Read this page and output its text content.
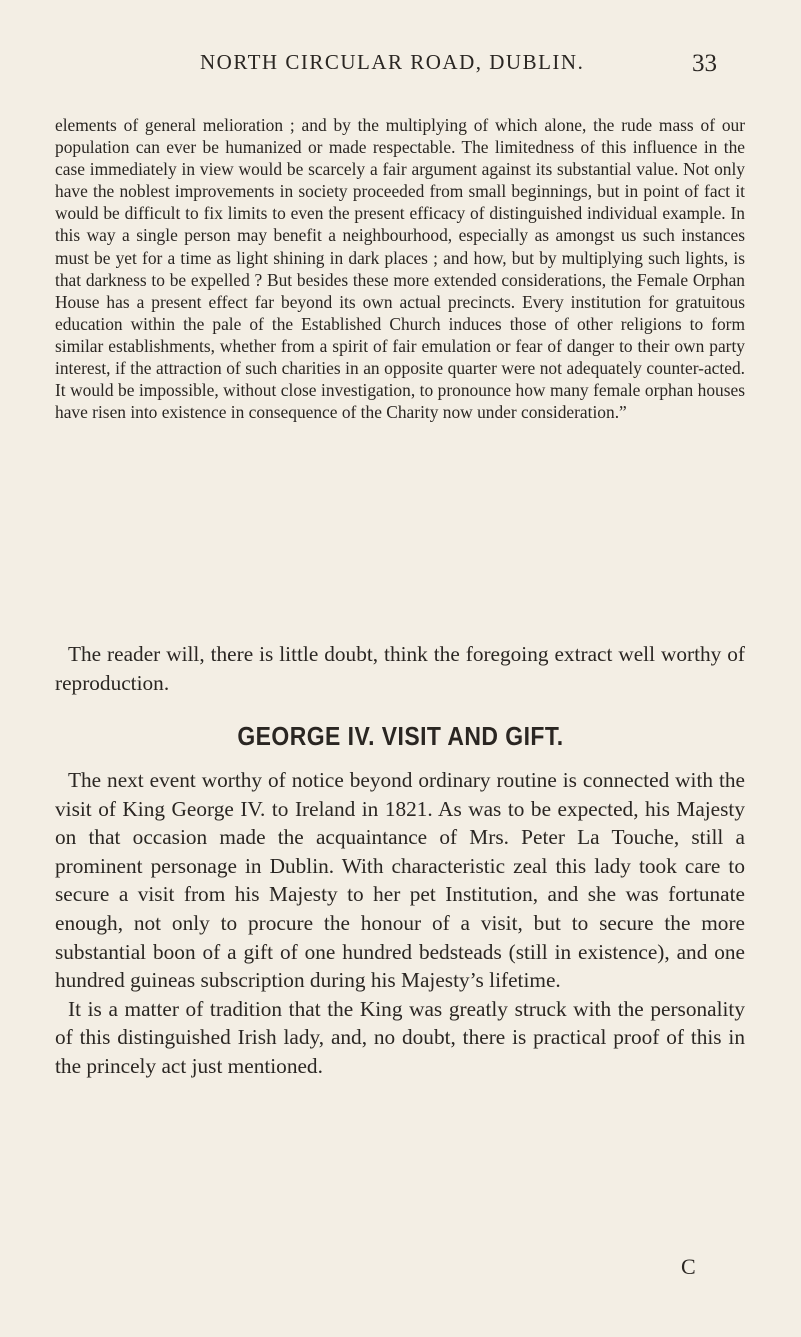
NORTH CIRCULAR ROAD, DUBLIN.	33

elements of general melioration ; and by the multiplying of which alone, the rude mass of our population can ever be humanized or made respectable. The limitedness of this influence in the case immediately in view would be scarcely a fair argument against its substantial value. Not only have the noblest improvements in society proceeded from small beginnings, but in point of fact it would be difficult to fix limits to even the present efficacy of distinguished individual example. In this way a single person may benefit a neighbourhood, especially as amongst us such instances must be yet for a time as light shining in dark places ; and how, but by multiplying such lights, is that darkness to be expelled ? But besides these more extended considerations, the Female Orphan House has a present effect far beyond its own actual precincts. Every institution for gratuitous education within the pale of the Established Church induces those of other religions to form similar establishments, whether from a spirit of fair emulation or fear of danger to their own party interest, if the attraction of such charities in an opposite quarter were not adequately counter-acted. It would be impossible, without close investigation, to pronounce how many female orphan houses have risen into existence in consequence of the Charity now under consideration.”

The reader will, there is little doubt, think the foregoing extract well worthy of reproduction.

GEORGE IV. VISIT AND GIFT.

The next event worthy of notice beyond ordinary routine is connected with the visit of King George IV. to Ireland in 1821. As was to be expected, his Majesty on that occasion made the acquaintance of Mrs. Peter La Touche, still a prominent personage in Dublin. With characteristic zeal this lady took care to secure a visit from his Majesty to her pet Institution, and she was fortunate enough, not only to procure the honour of a visit, but to secure the more substantial boon of a gift of one hundred bedsteads (still in existence), and one hundred guineas subscription during his Majesty’s lifetime.

It is a matter of tradition that the King was greatly struck with the personality of this distinguished Irish lady, and, no doubt, there is practical proof of this in the princely act just mentioned.

C
